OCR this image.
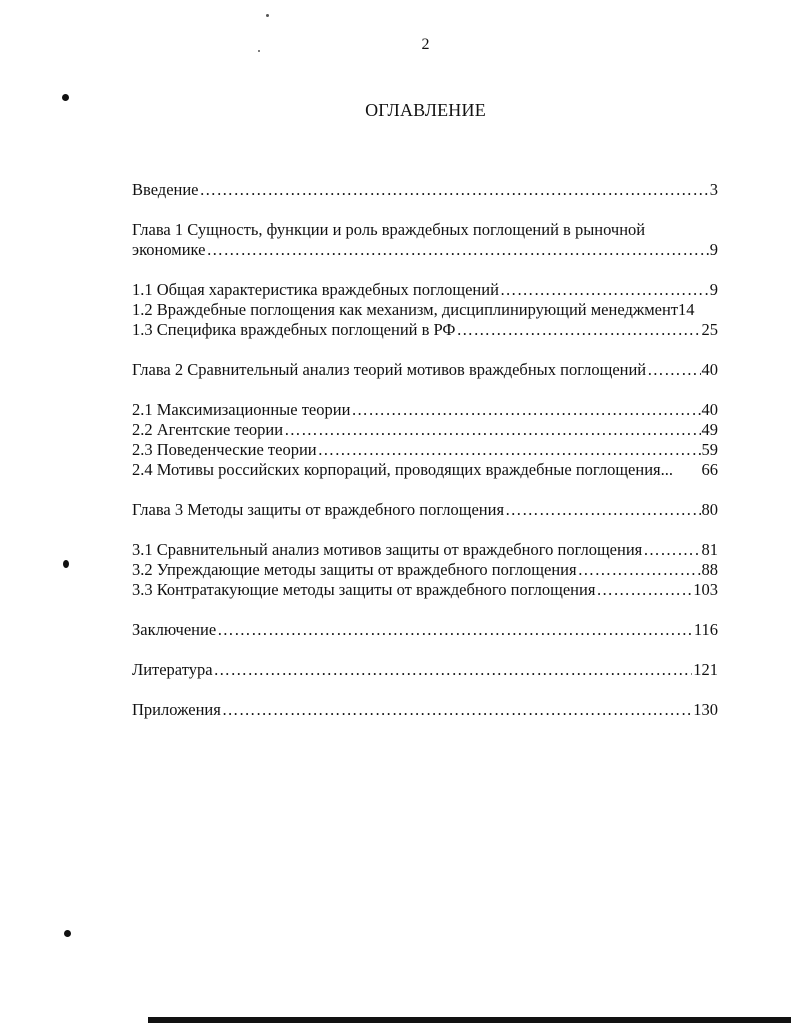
2
ОГЛАВЛЕНИЕ
Введение …………………………………………………………………………………………………………………………………………………………………………	3
Глава 1 Сущность, функции и роль враждебных поглощений в рыночной
экономике …………………………………………………………………………………………………………………………………………………………………………	9
1.1 Общая характеристика враждебных поглощений …………………………………………………………………………………………………………………………………………………………………………	9
1.2 Враждебные поглощения как механизм, дисциплинирующий менеджмент 14
1.3 Специфика враждебных поглощений в РФ …………………………………………………………………………………………………………………………………………………………………………	25
Глава 2 Сравнительный анализ теорий мотивов враждебных поглощений …………………………………………………………………………………………………………………………………………………………………………	40
2.1 Максимизационные теории …………………………………………………………………………………………………………………………………………………………………………	40
2.2 Агентские теории …………………………………………………………………………………………………………………………………………………………………………	49
2.3 Поведенческие теории …………………………………………………………………………………………………………………………………………………………………………	59
2.4 Мотивы российских корпораций, проводящих враждебные поглощения... 66
Глава 3 Методы защиты от враждебного поглощения …………………………………………………………………………………………………………………………………………………………………………	80
3.1 Сравнительный анализ мотивов защиты от враждебного поглощения …………………………………………………………………………………………………………………………………………………………………………	81
3.2 Упреждающие методы защиты от враждебного поглощения …………………………………………………………………………………………………………………………………………………………………………	88
3.3 Контратакующие методы защиты от враждебного поглощения …………………………………………………………………………………………………………………………………………………………………………	103
Заключение …………………………………………………………………………………………………………………………………………………………………………	116
Литература …………………………………………………………………………………………………………………………………………………………………………	121
Приложения …………………………………………………………………………………………………………………………………………………………………………	130
